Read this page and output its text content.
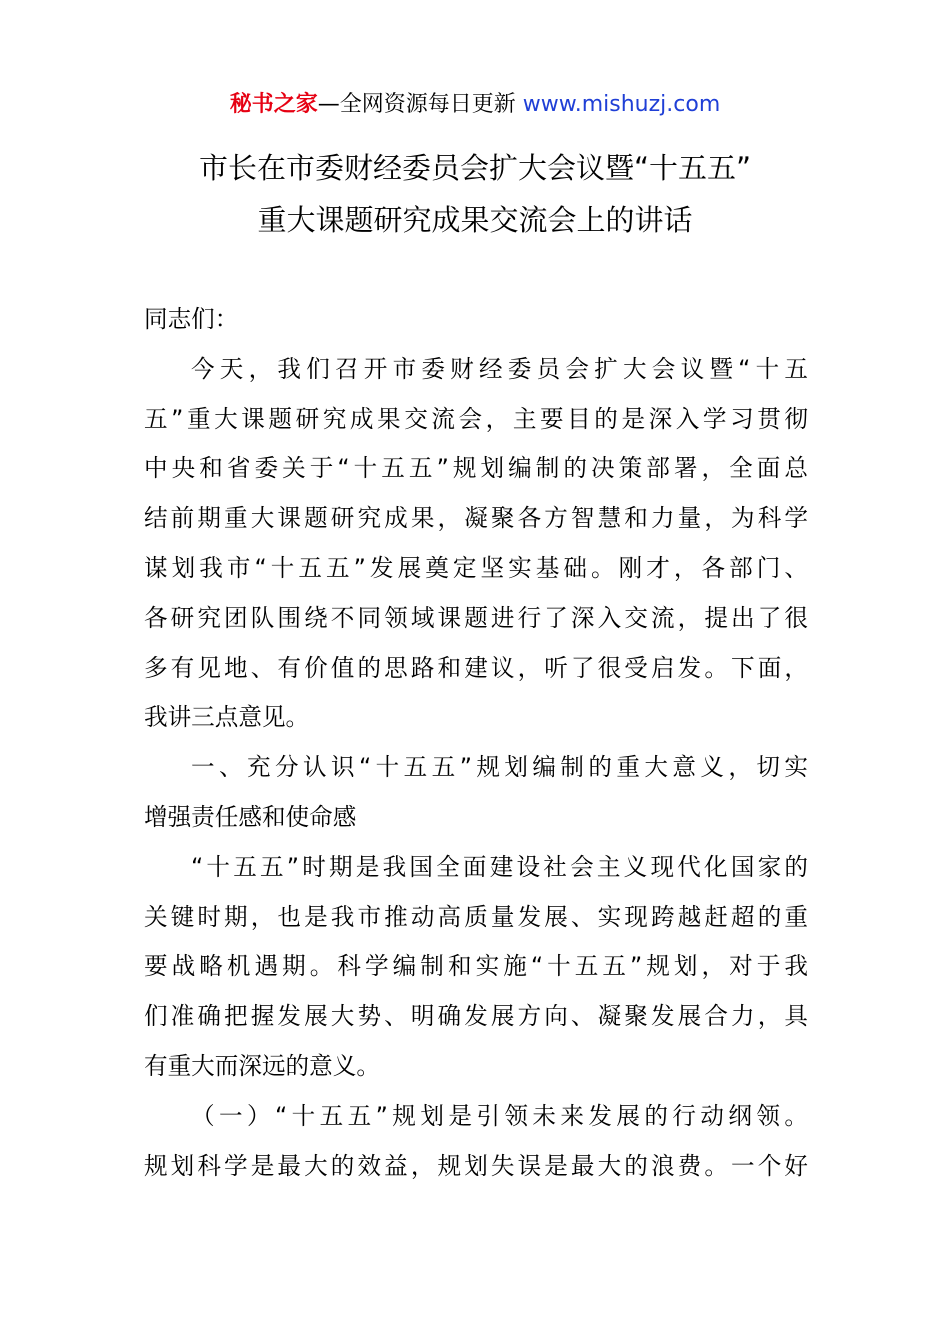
秘书之家—全网资源每日更新 www.mishuzj.com
市长在市委财经委员会扩大会议暨“十五五”
重大课题研究成果交流会上的讲话
同志们：
今天，我们召开市委财经委员会扩大会议暨“十五
五”重大课题研究成果交流会，主要目的是深入学习贯彻
中央和省委关于“十五五”规划编制的决策部署，全面总
结前期重大课题研究成果，凝聚各方智慧和力量，为科学
谋划我市“十五五”发展奠定坚实基础。刚才，各部门、
各研究团队围绕不同领域课题进行了深入交流，提出了很
多有见地、有价值的思路和建议，听了很受启发。下面，
我讲三点意见。
一、充分认识“十五五”规划编制的重大意义，切实
增强责任感和使命感
“十五五”时期是我国全面建设社会主义现代化国家的
关键时期，也是我市推动高质量发展、实现跨越赶超的重
要战略机遇期。科学编制和实施“十五五”规划，对于我
们准确把握发展大势、明确发展方向、凝聚发展合力，具
有重大而深远的意义。
（一）“十五五”规划是引领未来发展的行动纲领。
规划科学是最大的效益，规划失误是最大的浪费。一个好
